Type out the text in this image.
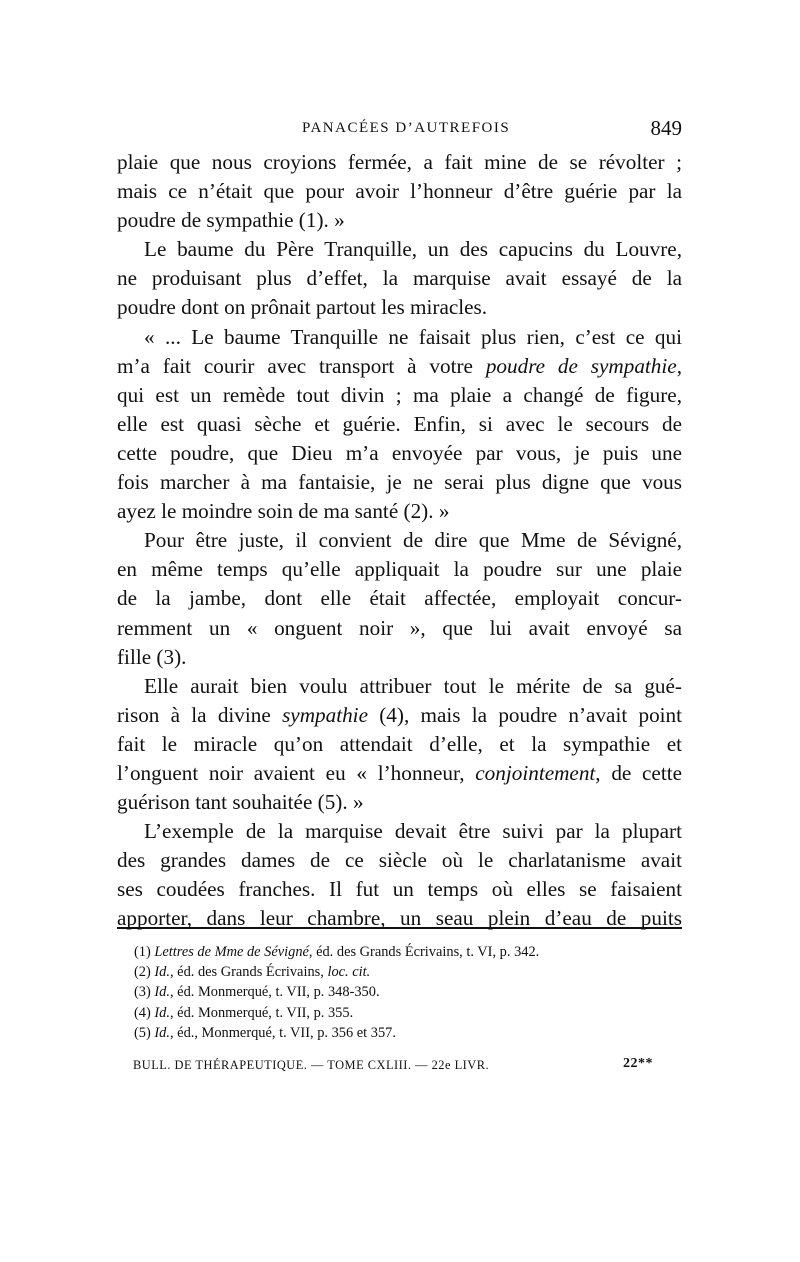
PANACÉES D’AUTREFOIS	849
plaie que nous croyions fermée, a fait mine de se révolter ;
mais ce n’était que pour avoir l’honneur d’être guérie par la
poudre de sympathie (1). »
Le baume du Père Tranquille, un des capucins du Louvre,
ne produisant plus d’effet, la marquise avait essayé de la
poudre dont on prônait partout les miracles.
« ... Le baume Tranquille ne faisait plus rien, c’est ce qui
m’a fait courir avec transport à votre poudre de sympathie,
qui est un remède tout divin ; ma plaie a changé de figure,
elle est quasi sèche et guérie. Enfin, si avec le secours de
cette poudre, que Dieu m’a envoyée par vous, je puis une
fois marcher à ma fantaisie, je ne serai plus digne que vous
ayez le moindre soin de ma santé (2). »
Pour être juste, il convient de dire que Mme de Sévigné,
en même temps qu’elle appliquait la poudre sur une plaie
de la jambe, dont elle était affectée, employait concur-
remment un « onguent noir », que lui avait envoyé sa
fille (3).
Elle aurait bien voulu attribuer tout le mérite de sa gué-
rison à la divine sympathie (4), mais la poudre n’avait point
fait le miracle qu’on attendait d’elle, et la sympathie et
l’onguent noir avaient eu « l’honneur, conjointement, de cette
guérison tant souhaitée (5). »
L’exemple de la marquise devait être suivi par la plupart
des grandes dames de ce siècle où le charlatanisme avait
ses coudées franches. Il fut un temps où elles se faisaient
apporter, dans leur chambre, un seau plein d’eau de puits
(1) Lettres de Mme de Sévigné, éd. des Grands Écrivains, t. VI, p. 342.
(2) Id., éd. des Grands Écrivains, loc. cit.
(3) Id., éd. Monmerqué, t. VII, p. 348-350.
(4) Id., éd. Monmerqué, t. VII, p. 355.
(5) Id., éd., Monmerqué, t. VII, p. 356 et 357.
BULL. DE THÉRAPEUTIQUE. — TOME CXLIII. — 22e LIVR.	22**
